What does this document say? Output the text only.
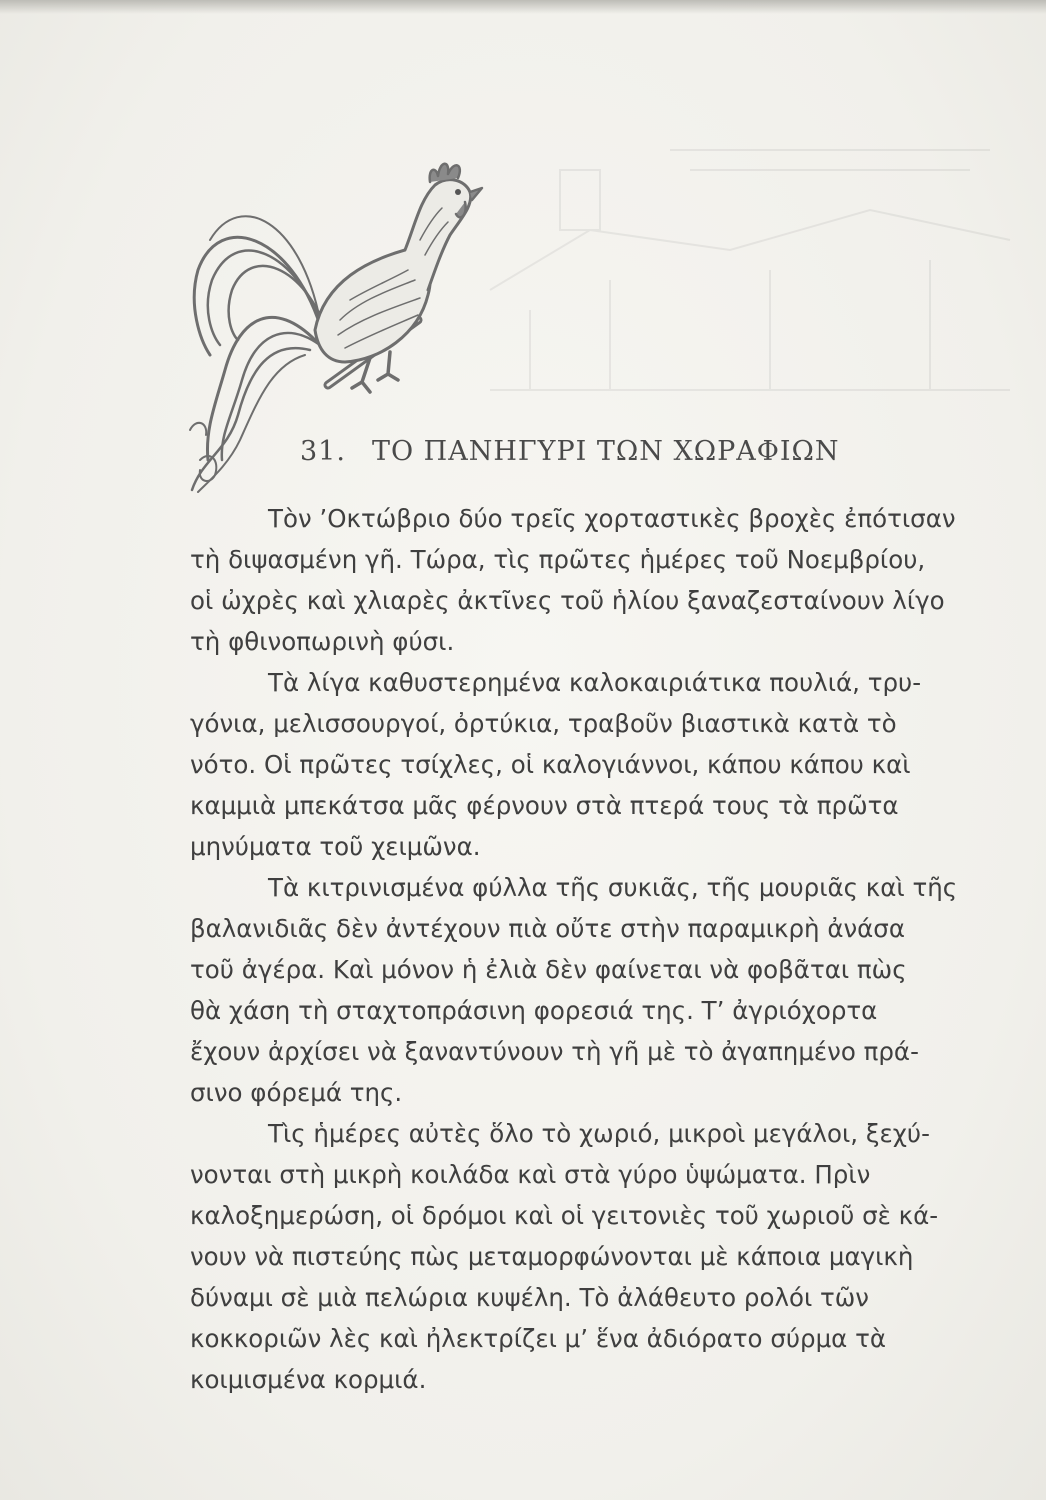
31. ΤΟ ΠΑΝΗΓΥΡΙ ΤΩΝ ΧΩΡΑΦΙΩΝ
Τὸν ’Οκτώβριο δύο τρεῖς χορταστικὲς βροχὲς ἐπότισαν
τὴ διψασμένη γῆ. Τώρα, τὶς πρῶτες ἡμέρες τοῦ Νοεμβρίου,
οἱ ὠχρὲς καὶ χλιαρὲς ἀκτῖνες τοῦ ἡλίου ξαναζεσταίνουν λίγο
τὴ φθινοπωρινὴ φύσι.
Τὰ λίγα καθυστερημένα καλοκαιριάτικα πουλιά, τρυ-
γόνια, μελισσουργοί, ὀρτύκια, τραβοῦν βιαστικὰ κατὰ τὸ
νότο. Οἱ πρῶτες τσίχλες, οἱ καλογιάννοι, κάπου κάπου καὶ
καμμιὰ μπεκάτσα μᾶς φέρνουν στὰ πτερά τους τὰ πρῶτα
μηνύματα τοῦ χειμῶνα.
Τὰ κιτρινισμένα φύλλα τῆς συκιᾶς, τῆς μουριᾶς καὶ τῆς
βαλανιδιᾶς δὲν ἀντέχουν πιὰ οὔτε στὴν παραμικρὴ ἀνάσα
τοῦ ἀγέρα. Καὶ μόνον ἡ ἐλιὰ δὲν φαίνεται νὰ φοβᾶται πὼς
θὰ χάση τὴ σταχτοπράσινη φορεσιά της. Τ’ ἀγριόχορτα
ἔχουν ἀρχίσει νὰ ξαναντύνουν τὴ γῆ μὲ τὸ ἀγαπημένο πρά-
σινο φόρεμά της.
Τὶς ἡμέρες αὐτὲς ὅλο τὸ χωριό, μικροὶ μεγάλοι, ξεχύ-
νονται στὴ μικρὴ κοιλάδα καὶ στὰ γύρο ὑψώματα. Πρὶν
καλοξημερώση, οἱ δρόμοι καὶ οἱ γειτονιὲς τοῦ χωριοῦ σὲ κά-
νουν νὰ πιστεύης πὼς μεταμορφώνονται μὲ κάποια μαγικὴ
δύναμι σὲ μιὰ πελώρια κυψέλη. Τὸ ἀλάθευτο ρολόι τῶν
κοκκοριῶν λὲς καὶ ἠλεκτρίζει μ’ ἕνα ἀδιόρατο σύρμα τὰ
κοιμισμένα κορμιά.
